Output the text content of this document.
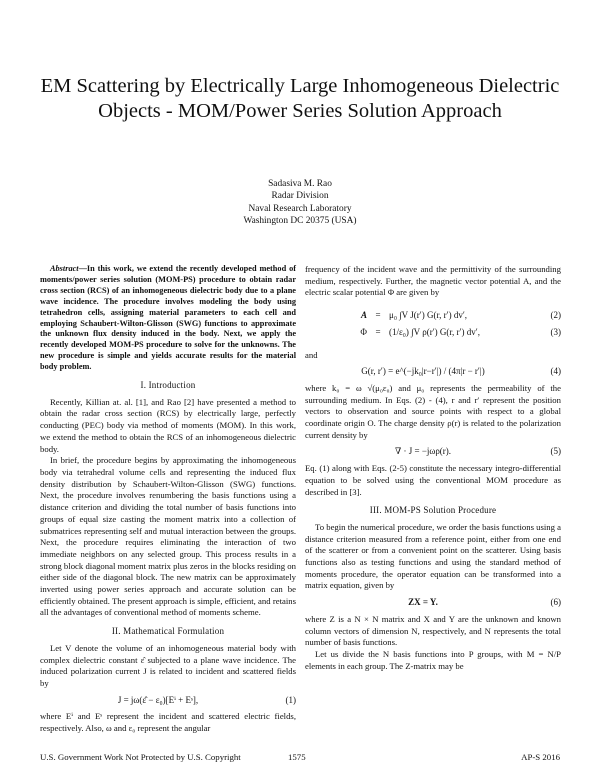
EM Scattering by Electrically Large Inhomogeneous Dielectric Objects - MOM/Power Series Solution Approach
Sadasiva M. Rao
Radar Division
Naval Research Laboratory
Washington DC 20375 (USA)

Abstract—In this work, we extend the recently developed method of moments/power series solution (MOM-PS) procedure to obtain radar cross section (RCS) of an inhomogeneous dielectric body due to a plane wave incidence. The procedure involves modeling the body using tetrahedron cells, assigning material parameters to each cell and employing Schaubert-Wilton-Glisson (SWG) functions to approximate the unknown flux density induced in the body. Next, we apply the recently developed MOM-PS procedure to solve for the unknowns. The new procedure is simple and yields accurate results for the material body problem.

I. Introduction

Recently, Killian at. al. [1], and Rao [2] have presented a method to obtain the radar cross section (RCS) by electrically large, perfectly conducting (PEC) body via method of moments (MOM). In this work, we extend the method to obtain the RCS of an inhomogeneous dielectric body.

In brief, the procedure begins by approximating the inhomogeneous body via tetrahedral volume cells and representing the induced flux density distribution by Schaubert-Wilton-Glisson (SWG) functions. Next, the procedure involves renumbering the basis functions using a distance criterion and dividing the total number of basis functions into groups of equal size casting the moment matrix into a collection of submatrices representing self and mutual interaction between the groups. Next, the procedure requires eliminating the interaction of two immediate neighbors on any selected group. This process results in a strong block diagonal moment matrix plus zeros in the blocks residing on either side of the diagonal block. The new matrix can be approximately inverted using power series approach and accurate solution can be efficiently obtained. The present approach is simple, efficient, and retains all the advantages of conventional method of moments scheme.

II. Mathematical Formulation

Let V denote the volume of an inhomogeneous material body with complex dielectric constant ε̂ subjected to a plane wave incidence. The induced polarization current J is related to incident and scattered fields by

J = jω(ε̂ − ε₀)[Eⁱ + Eˢ],	(1)

where Eⁱ and Eˢ represent the incident and scattered electric fields, respectively. Also, ω and ε₀ represent the angular

frequency of the incident wave and the permittivity of the surrounding medium, respectively. Further, the magnetic vector potential A, and the electric scalar potential Φ are given by

A = μ₀ ∫V J(r′) G(r, r′) dv′,	(2)
Φ = (1/ε₀) ∫V ρ(r′) G(r, r′) dv′,	(3)

and

G(r, r′) = e^(−jk₀|r−r′|) / (4π|r − r′|)	(4)

where k₀ = ω √(μ₀ε₀) and μ₀ represents the permeability of the surrounding medium. In Eqs. (2) - (4), r and r′ represent the position vectors to observation and source points with respect to a global coordinate origin O. The charge density ρ(r) is related to the polarization current density by

∇ · J = −jωρ(r).	(5)

Eq. (1) along with Eqs. (2-5) constitute the necessary integro-differential equation to be solved using the conventional MOM procedure as described in [3].

III. MOM-PS Solution Procedure

To begin the numerical procedure, we order the basis functions using a distance criterion measured from a reference point, either from one end of the scatterer or from a convenient point on the scatterer. Using basis functions also as testing functions and using the standard method of moments procedure, the operator equation can be transformed into a matrix equation, given by

ZX = Y.	(6)

where Z is a N × N matrix and X and Y are the unknown and known column vectors of dimension N, respectively, and N represents the total number of basis functions.

Let us divide the N basis functions into P groups, with M = N/P elements in each group. The Z-matrix may be

U.S. Government Work Not Protected by U.S. Copyright	1575	AP-S 2016
